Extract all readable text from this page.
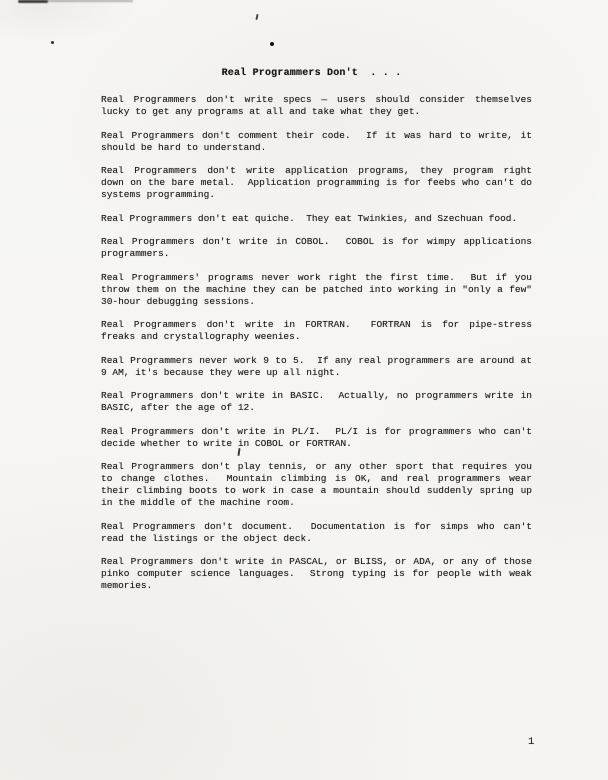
Real Programmers Don't  . . .
Real Programmers don't write specs — users should consider themselves
lucky to get any programs at all and take what they get.
Real Programmers don't comment their code.  If it was hard to write, it
should be hard to understand.
Real Programmers don't write application programs, they program right
down on the bare metal.  Application programming is for feebs who can't do
systems programming.
Real Programmers don't eat quiche.  They eat Twinkies, and Szechuan food.
Real Programmers don't write in COBOL.  COBOL is for wimpy applications
programmers.
Real Programmers' programs never work right the first time.  But if you
throw them on the machine they can be patched into working in "only a few"
30-hour debugging sessions.
Real Programmers don't write in FORTRAN.  FORTRAN is for pipe-stress
freaks and crystallography weenies.
Real Programmers never work 9 to 5.  If any real programmers are around at
9 AM, it's because they were up all night.
Real Programmers don't write in BASIC.  Actually, no programmers write in
BASIC, after the age of 12.
Real Programmers don't write in PL/I.  PL/I is for programmers who can't
decide whether to write in COBOL or FORTRAN.
Real Programmers don't play tennis, or any other sport that requires you
to change clothes.  Mountain climbing is OK, and real programmers wear
their climbing boots to work in case a mountain should suddenly spring up
in the middle of the machine room.
Real Programmers don't document.  Documentation is for simps who can't
read the listings or the object deck.
Real Programmers don't write in PASCAL, or BLISS, or ADA, or any of those
pinko computer science languages.  Strong typing is for people with weak
memories.
1
